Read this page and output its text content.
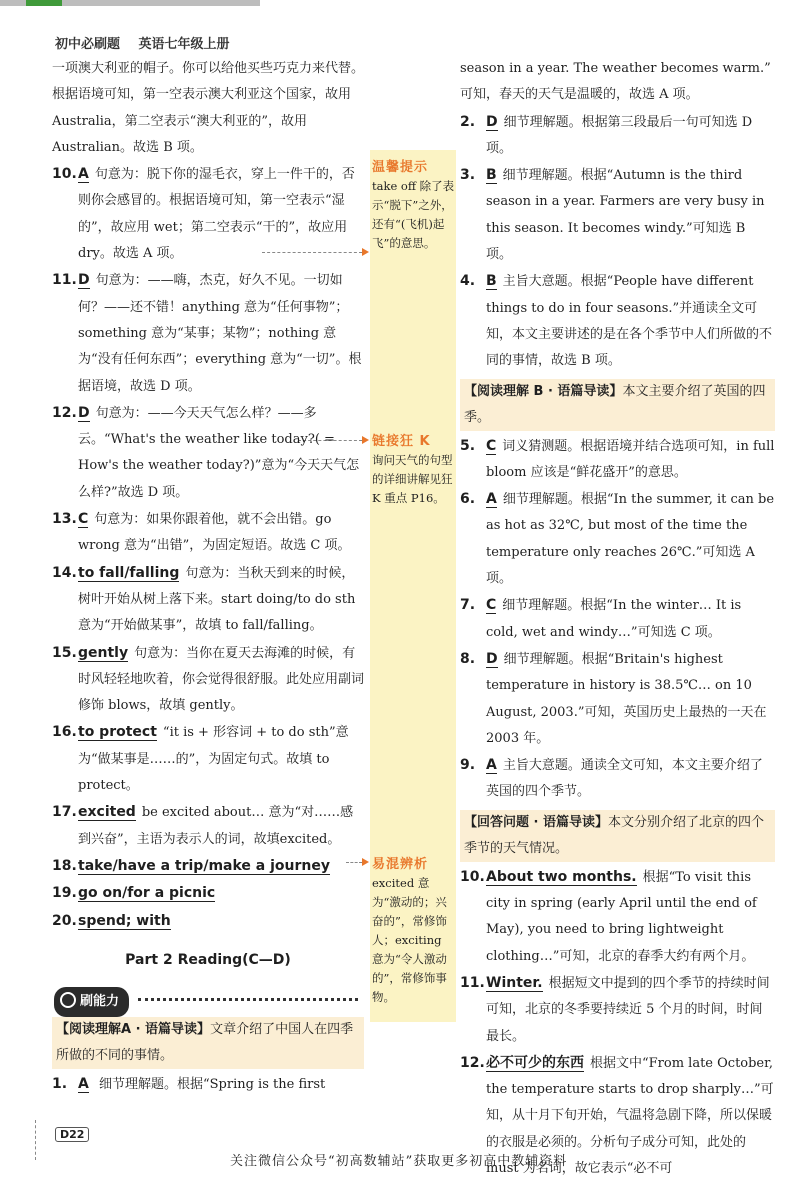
初中必刷题 英语七年级上册
温馨提示
take off 除了表示“脱下”之外，还有“(飞机)起飞”的意思。
链接狂 K
询问天气的句型的详细讲解见狂 K 重点 P16。
易混辨析
excited 意为“激动的；兴奋的”，常修饰人；exciting 意为“令人激动的”，常修饰事物。
一项澳大利亚的帽子。你可以给他买些巧克力来代替。根据语境可知，第一空表示澳大利亚这个国家，故用 Australia，第二空表示“澳大利亚的”，故用 Australian。故选 B 项。
10. A 句意为：脱下你的湿毛衣，穿上一件干的，否则你会感冒的。根据语境可知，第一空表示“湿的”，故应用 wet；第二空表示“干的”，故应用 dry。故选 A 项。
11. D 句意为：——嗨，杰克，好久不见。一切如何？——还不错！anything 意为“任何事物”；something 意为“某事；某物”；nothing 意为“没有任何东西”；everything 意为“一切”。根据语境，故选 D 项。
12. D 句意为：——今天天气怎么样？——多云。“What's the weather like today?( = How's the weather today?)”意为“今天天气怎么样?”故选 D 项。
13. C 句意为：如果你跟着他，就不会出错。go wrong 意为“出错”，为固定短语。故选 C 项。
14. to fall/falling 句意为：当秋天到来的时候，树叶开始从树上落下来。start doing/to do sth 意为“开始做某事”，故填 to fall/falling。
15. gently 句意为：当你在夏天去海滩的时候，有时风轻轻地吹着，你会觉得很舒服。此处应用副词修饰 blows，故填 gently。
16. to protect “it is + 形容词 + to do sth”意为“做某事是……的”，为固定句式。故填 to protect。
17. excited be excited about… 意为“对……感到兴奋”，主语为表示人的词，故填excited。
18. take/have a trip/make a journey
19. go on/for a picnic
20. spend; with
Part 2 Reading(C—D)
刷能力
【阅读理解A · 语篇导读】文章介绍了中国人在四季所做的不同的事情。
1. A 细节理解题。根据“Spring is the first
season in a year. The weather becomes warm.” 可知，春天的天气是温暖的，故选 A 项。
2. D 细节理解题。根据第三段最后一句可知选 D 项。
3. B 细节理解题。根据“Autumn is the third season in a year. Farmers are very busy in this season. It becomes windy.”可知选 B 项。
4. B 主旨大意题。根据“People have different things to do in four seasons.”并通读全文可知，本文主要讲述的是在各个季节中人们所做的不同的事情，故选 B 项。
【阅读理解 B · 语篇导读】本文主要介绍了英国的四季。
5. C 词义猜测题。根据语境并结合选项可知，in full bloom 应该是“鲜花盛开”的意思。
6. A 细节理解题。根据“In the summer, it can be as hot as 32℃, but most of the time the temperature only reaches 26℃.”可知选 A 项。
7. C 细节理解题。根据“In the winter… It is cold, wet and windy…”可知选 C 项。
8. D 细节理解题。根据“Britain's highest temperature in history is 38.5℃… on 10 August, 2003.”可知，英国历史上最热的一天在 2003 年。
9. A 主旨大意题。通读全文可知，本文主要介绍了英国的四个季节。
【回答问题 · 语篇导读】本文分别介绍了北京的四个季节的天气情况。
10. About two months. 根据“To visit this city in spring (early April until the end of May), you need to bring lightweight clothing…”可知，北京的春季大约有两个月。
11. Winter. 根据短文中提到的四个季节的持续时间可知，北京的冬季要持续近 5 个月的时间，时间最长。
12. 必不可少的东西 根据文中“From late October, the temperature starts to drop sharply…”可知，从十月下旬开始，气温将急剧下降，所以保暖的衣服是必须的。分析句子成分可知，此处的 must 为名词，故它表示“必不可
D22
关注微信公众号“初高数辅站”获取更多初高中教辅资料
